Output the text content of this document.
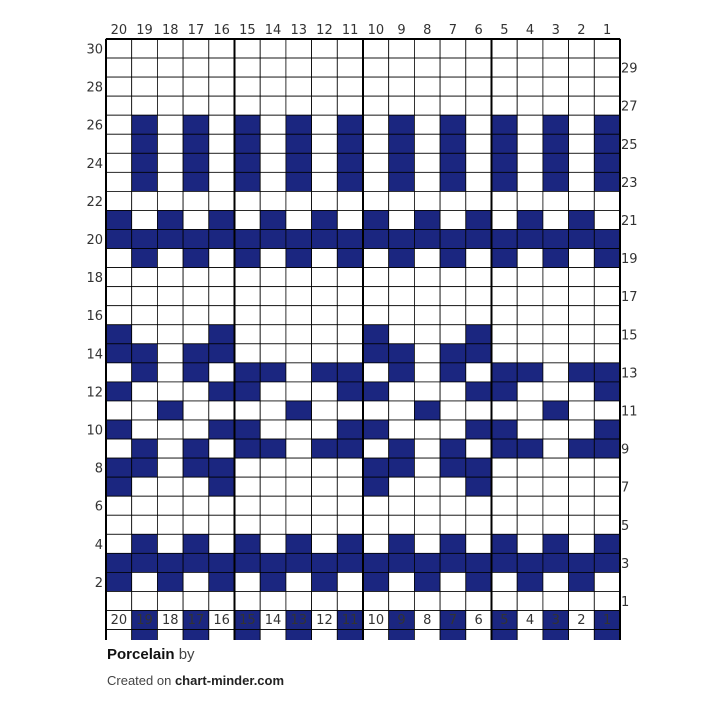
20
20
19
19
18
18
17
17
16
16
15
15
14
14
13
13
12
12
11
11
10
10
9
9
8
8
7
7
6
6
5
5
4
4
3
3
2
2
1
1
30
28
26
24
22
20
18
16
14
12
10
8
6
4
2
29
27
25
23
21
19
17
15
13
11
9
7
5
3
1
Porcelain by
Created on chart-minder.com
